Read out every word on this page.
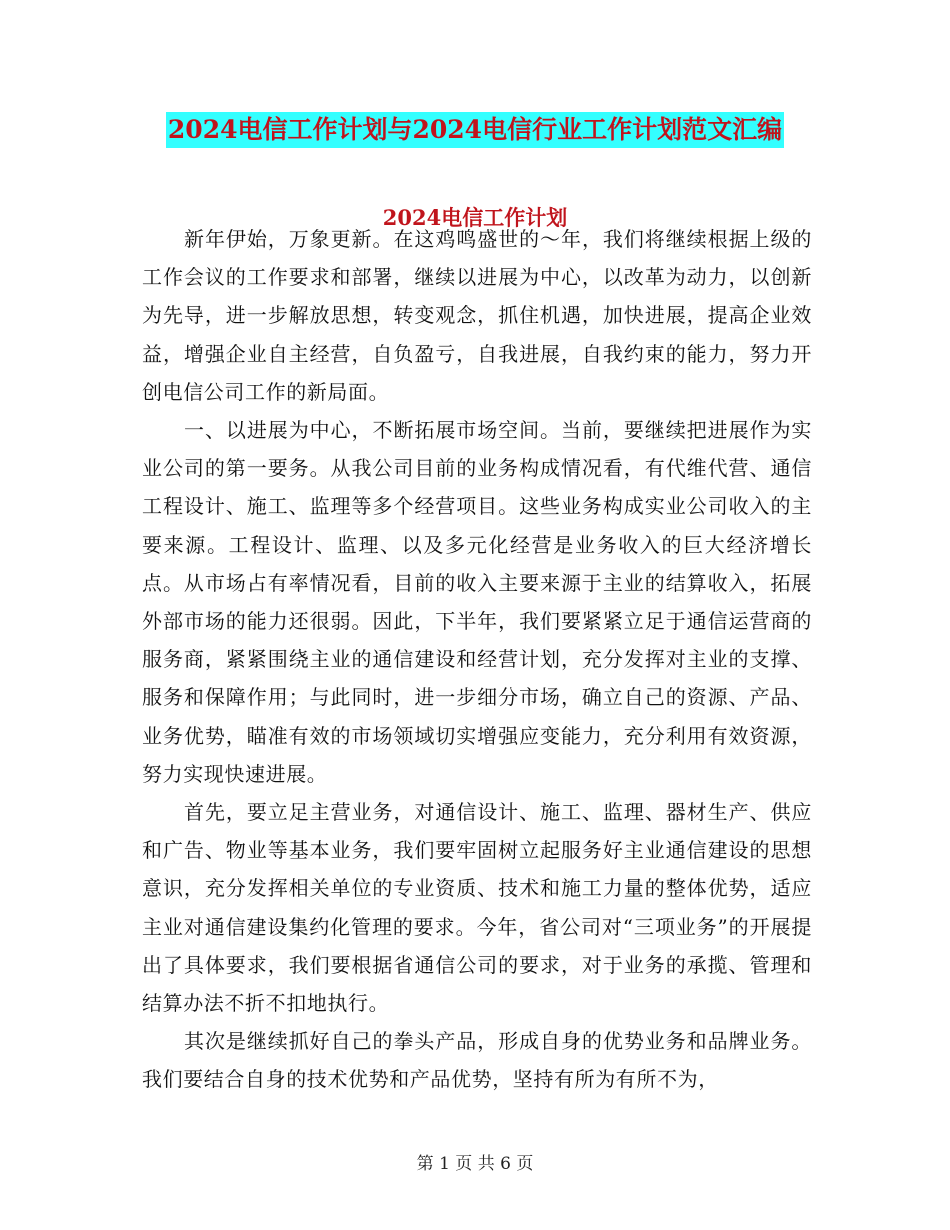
2024电信工作计划与2024电信行业工作计划范文汇编
2024电信工作计划

新年伊始，万象更新。在这鸡鸣盛世的～年，我们将继续根据上级的工作会议的工作要求和部署，继续以进展为中心，以改革为动力，以创新为先导，进一步解放思想，转变观念，抓住机遇，加快进展，提高企业效益，增强企业自主经营，自负盈亏，自我进展，自我约束的能力，努力开创电信公司工作的新局面。

一、以进展为中心，不断拓展市场空间。当前，要继续把进展作为实业公司的第一要务。从我公司目前的业务构成情况看，有代维代营、通信工程设计、施工、监理等多个经营项目。这些业务构成实业公司收入的主要来源。工程设计、监理、以及多元化经营是业务收入的巨大经济增长点。从市场占有率情况看，目前的收入主要来源于主业的结算收入，拓展外部市场的能力还很弱。因此，下半年，我们要紧紧立足于通信运营商的服务商，紧紧围绕主业的通信建设和经营计划，充分发挥对主业的支撑、服务和保障作用；与此同时，进一步细分市场，确立自己的资源、产品、业务优势，瞄准有效的市场领域切实增强应变能力，充分利用有效资源，努力实现快速进展。

首先，要立足主营业务，对通信设计、施工、监理、器材生产、供应和广告、物业等基本业务，我们要牢固树立起服务好主业通信建设的思想意识，充分发挥相关单位的专业资质、技术和施工力量的整体优势，适应主业对通信建设集约化管理的要求。今年，省公司对“三项业务”的开展提出了具体要求，我们要根据省通信公司的要求，对于业务的承揽、管理和结算办法不折不扣地执行。

其次是继续抓好自己的拳头产品，形成自身的优势业务和品牌业务。我们要结合自身的技术优势和产品优势，坚持有所为有所不为，

第 1 页 共 6 页
